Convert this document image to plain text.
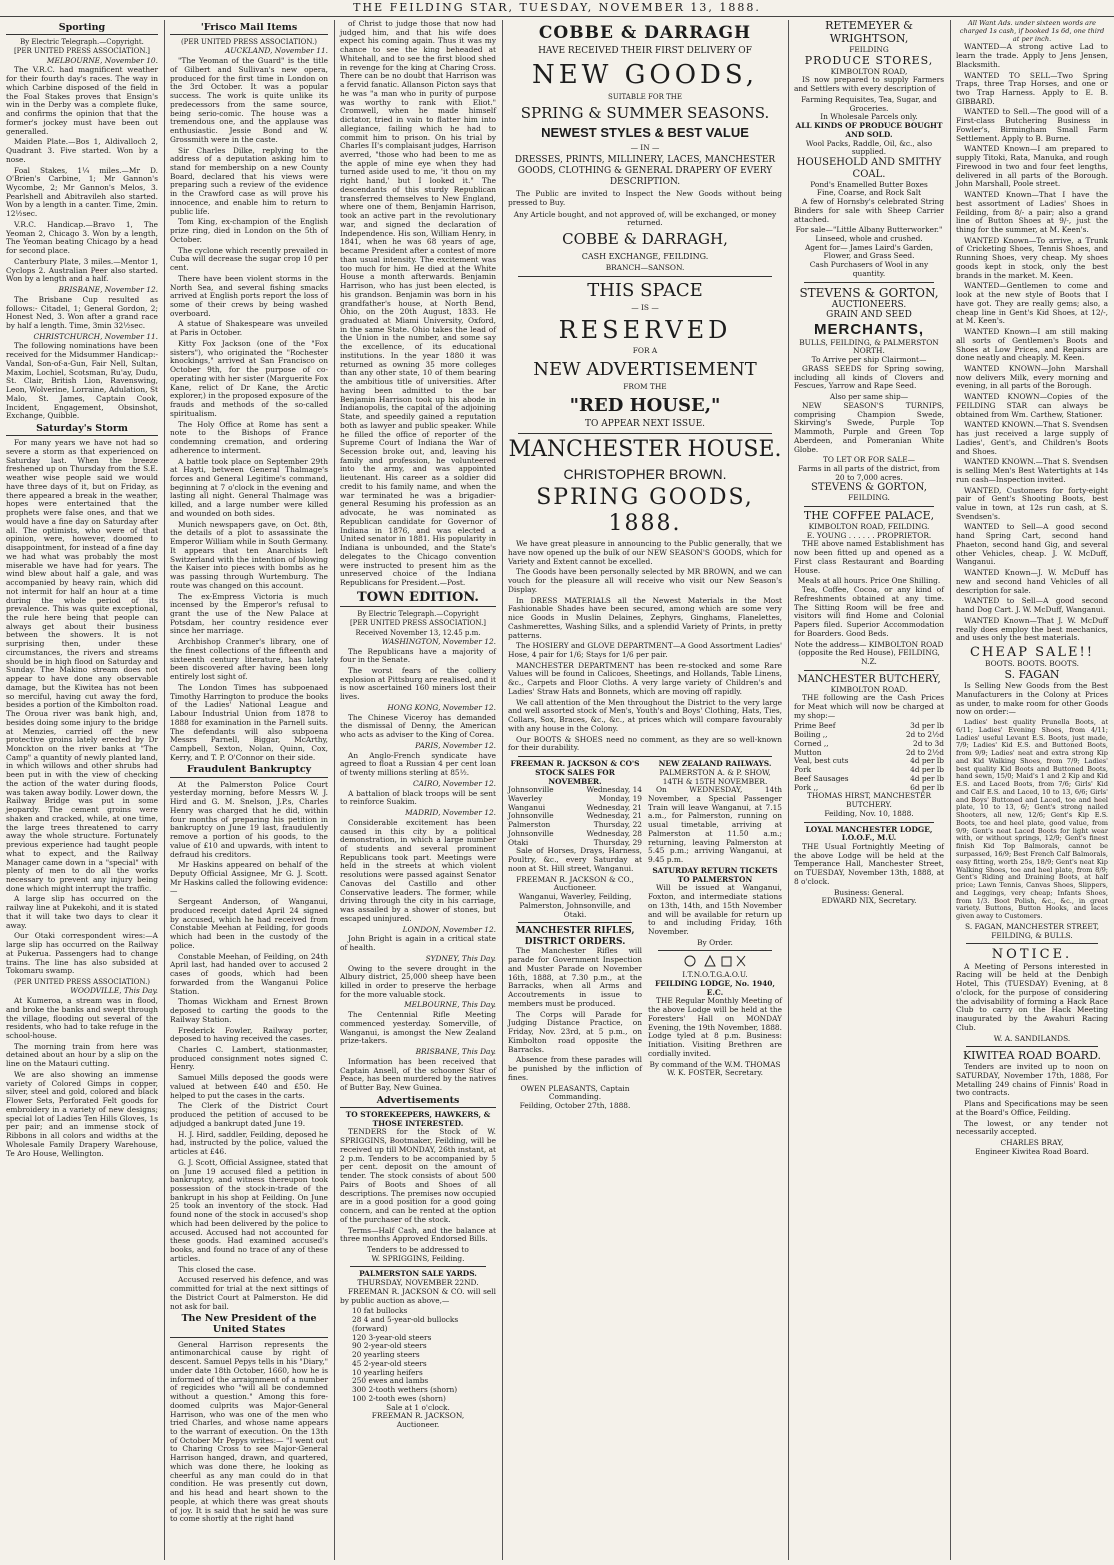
THE FEILDING STAR, TUESDAY, NOVEMBER 13, 1888.
Sporting
By Electric Telegraph.—Copyright.
[PER UNITED PRESS ASSOCIATION.]
MELBOURNE, November 10.

The V.R.C. had magnificent weather for their fourth day's races. The way in which Carbine disposed of the field in the Foal Stakes proves that Ensign's win in the Derby was a complete fluke, and confirms the opinion that that the former's jockey must have been out generalled.

Maiden Plate.—Bos 1, Aldivalloch 2, Quadrant 3. Five started. Won by a nose.

Foal Stakes, 1¼ miles.—Mr D. O'Brien's Carbine, 1; Mr Gannon's Wycombe, 2; Mr Gannon's Melos, 3. Pearlshell and Abitravileh also started. Won by a length in a canter. Time, 2min. 12½sec.

V.R.C. Handicap.—Bravo 1, The Yeoman 2, Chicago 3. Won by a length, The Yeoman beating Chicago by a head for second place.

Canterbury Plate, 3 miles.—Mentor 1, Cyclops 2. Australian Peer also started. Won by a length and a half.

BRISBANE, November 12.

The Brisbane Cup resulted as follows:- Citadel, 1; General Gordon, 2; Honest Ned, 3. Won after a grand race by half a length. Time, 3min 32½sec.

CHRISTCHURCH, November 11.

The following nominations have been received for the Midsummer Handicap:-Vandal, Son-of-a-Gun, Fair Nell, Sultan, Maxim, Lochiel, Scotsman, Ru'ay, Dudu, St. Clair, British Lion, Ravenswing, Leon, Wolverine, Lorraine, Adulation, St Malo, St. James, Captain Cook, Incident, Engagement, Obsinshot, Exchange, Quibble.

Saturday's Storm

For many years we have not had so severe a storm as that experienced on Saturday last. When the breeze freshened up on Thursday from the S.E. weather wise people said we would have three days of it, but on Friday, as there appeared a break in the weather, hopes were entertained that the prophets were false ones, and that we would have a fine day on Saturday after all. The optimists, who were of that opinion, were, however, doomed to disappointment, for instead of a fine day we had what was probably the most miserable we have had for years. The wind blew about half a gale, and was accompanied by heavy rain, which did not intermit for half an hour at a time during the whole period of its prevalence. This was quite exceptional, the rule here being that people can always get about their business between the showers. It is not surprising then, under these circumstances, the rivers and streams should be in high flood on Saturday and Sunday. The Makino stream does not appear to have done any observable damage, but the Kiwitea has not been so merciful, having cut away the ford, besides a portion of the Kimbolton road. The Oroua river was bank high, and, besides doing some injury to the bridge at Menzies, carried off the new protective groins lately erected by Dr Monckton on the river banks at "The Camp" a quantity of newly planted land, in which willows and other shrubs had been put in with the view of checking the action of the water during floods, was taken away bodily. Lower down, the Railway Bridge was put in some jeopardy. The cement groins were shaken and cracked, while, at one time, the large trees threatened to carry away the whole structure. Fortunately previous experience had taught people what to expect, and the Railway Manager came down in a "special" with plenty of men to do all the works necessary to prevent any injury being done which might interrupt the traffic.

A large slip has occurred on the railway line at Pukekohi, and it is stated that it will take two days to clear it away.

Our Otaki correspondent wires:—A large slip has occurred on the Railway at Pukerua. Passengers had to change trains. The line has also subsided at Tokomaru swamp.

(PER UNITED PRESS ASSOCIATION.)
WOODVILLE, This Day.

At Kumeroa, a stream was in flood, and broke the banks and swept through the village, flooding out several of the residents, who had to take refuge in the school-house.

The morning train from here was detained about an hour by a slip on the line on the Matauri cutting.

We are also showing an immense variety of Colored Gimps in copper, silver, steel and gold, colored and black Flower Sets, Perforated Felt goods for embroidery in a variety of new designs; special lot of Ladies Ten Hills Gloves, 1s per pair; and an immense stock of Ribbons in all colors and widths at the Wholesale Family Drapery Warehouse, Te Aro House, Wellington.

'Frisco Mail Items
(PER UNITED PRESS ASSOCIATION.)
AUCKLAND, November 11.

"The Yeoman of the Guard" is the title of Gilbert and Sullivan's new opera, produced for the first time in London on the 3rd October. It was a popular success. The work is quite unlike its predecessors from the same source, being serio-comic. The house was a tremendous one, and the applause was enthusiastic. Jessie Bond and W. Grossmith were in the caste.

Sir Charles Dilke, replying to the address of a deputation asking him to stand for membership on a new County Board, declared that his views were preparing such a review of the evidence in the Crawford case as will prove his innocence, and enable him to return to public life.

Tom King, ex-champion of the English prize ring, died in London on the 5th of October.

The cyclone which recently prevailed in Cuba will decrease the sugar crop 10 per cent.

There have been violent storms in the North Sea, and several fishing smacks arrived at English ports report the loss of some of their crews by being washed overboard.

A statue of Shakespeare was unveiled at Paris in October.

Kitty Fox Jackson (one of the "Fox sisters"), who originated the "Rochester knockings," arrived at San Francisco on October 9th, for the purpose of co-operating with her sister (Marguerite Fox Kane, relict of Dr Kane, the Arctic explorer,) in the proposed exposure of the frauds and methods of the so-called spiritualism.

The Holy Office at Rome has sent a note to the Bishops of France condemning cremation, and ordering adherence to interment.

A battle took place on September 29th at Hayti, between General Thalmage's forces and General Legitime's command, beginning at 7 o'clock in the evening and lasting all night. General Thalmage was killed, and a large number were killed and wounded on both sides.

Munich newspapers gave, on Oct. 8th, the details of a plot to assassinate the Emperor William while in South Germany. It appears that ten Anarchists left Switzerland with the intention of blowing the Kaiser into pieces with bombs as he was passing through Wurtemburg. The route was changed on this account.

The ex-Empress Victoria is much incensed by the Emperor's refusal to grant the use of the New Palace at Potsdam, her country residence ever since her marriage.

Archbishop Cranmer's library, one of the finest collections of the fifteenth and sixteenth century literature, has lately been discovered after having been long entirely lost sight of.

The London Times has subpoenaed Timothy Harrington to produce the books of the Ladies' National League and Labour Industrial Union from 1878 to 1888 for examination in the Parnell suits. The defendants will also subpoena Messrs Parnell, Biggar, McArthy, Campbell, Sexton, Nolan, Quinn, Cox, Kerry, and T. P. O'Connor on their side.

Fraudulent Bankruptcy

At the Palmerston Police Court yesterday morning, before Messrs W. J. Hird and G. M. Snelson, J.P.s, Charles Henry was charged that he did, within four months of preparing his petition in bankruptcy on June 19 last, fraudulently remove a portion of his goods, to the value of £10 and upwards, with intent to defraud his creditors.

Mr Haskins appeared on behalf of the Deputy Official Assignee, Mr G. J. Scott. Mr Haskins called the following evidence:—

Sergeant Anderson, of Wanganui, produced receipt dated April 24 signed by accused, which he had received from Constable Meehan at Feilding, for goods which had been in the custody of the police.

Constable Meehan, of Feilding, on 24th April last, had handed over to accused 2 cases of goods, which had been forwarded from the Wanganui Police Station.

Thomas Wickham and Ernest Brown deposed to carting the goods to the Railway Station.

Frederick Fowler, Railway porter, deposed to having received the cases.

Charles C. Lambert, stationmaster, produced consignment notes signed C. Henry.

Samuel Mills deposed the goods were valued at between £40 and £50. He helped to put the cases in the carts.

The Clerk of the District Court produced the petition of accused to be adjudged a bankrupt dated June 19.

H. J. Hird, saddler, Feilding, deposed he had, instructed by the police, valued the articles at £46.

G. J. Scott, Official Assignee, stated that on June 19 accused filed a petition in bankruptcy, and witness thereupon took possession of the stock-in-trade of the bankrupt in his shop at Feilding. On June 25 took an inventory of the stock. Had found none of the stock in accused's shop which had been delivered by the police to accused. Accused had not accounted for these goods. Had examined accused's books, and found no trace of any of these articles.

This closed the case.

Accused reserved his defence, and was committed for trial at the next sittings of the District Court at Palmerston. He did not ask for bail.

The New President of the United States

General Harrison represents the antimonarchical cause by right of descent. Samuel Pepys tells in his "Diary," under date 18th October, 1660, how he is informed of the arraignment of a number of regicides who "will all be condemned without a question." Among this fore-doomed culprits was Major-General Harrison, who was one of the men who tried Charles, and whose name appears to the warrant of execution. On the 13th of October Mr Pepys writes:— "I went out to Charing Cross to see Major-General Harrison hanged, drawn, and quartered, which was done there, he looking as cheerful as any man could do in that condition. He was presently cut down, and his head and heart shown to the people, at which there was great shouts of joy. It is said that he said he was sure to come shortly at the right hand

of Christ to judge those that now had judged him, and that his wife does expect his coming again. Thus it was my chance to see the king beheaded at Whitehall, and to see the first blood shed in revenge for the king at Charing Cross. There can be no doubt that Harrison was a fervid fanatic. Allanson Picton says that he was "a man who in purity of purpose was worthy to rank with Eliot." Cromwell, when he made himself dictator, tried in vain to flatter him into allegiance, failing which he had to commit him to prison. On his trial by Charles II's complaisant judges, Harrison averred, "those who had been to me as the apple of mine eye when they had turned aside used to me, 'it thou on my right hand,' but I looked it." The descendants of this sturdy Republican transferred themselves to New England, where one of them, Benjamin Harrison, took an active part in the revolutionary war, and signed the declaration of Independence. His son, William Henry, in 1841, when he was 68 years of age, became President after a contest of more than usual intensity. The excitement was too much for him. He died at the White House a month afterwards. Benjamin Harrison, who has just been elected, is his grandson. Benjamin was born in his grandfather's house, at North Bend, Ohio, on the 20th August, 1833. He graduated at Miami University, Oxford, in the same State. Ohio takes the lead of the Union in the number, and some say the excellence, of its educational institutions. In the year 1880 it was returned as owning 35 more colleges than any other state, 10 of them bearing the ambitious title of universities. After having been admitted to the bar Benjamin Harrison took up his abode in Indianopolis, the capital of the adjoining State, and speedily gained a reputation both as lawyer and public speaker. While he filled the office of reporter of the Supreme Court of Indiana the War of Secession broke out, and, leaving his family and profession, he volunteered into the army, and was appointed lieutenant. His career as a soldier did credit to his family name, and when the war terminated he was a brigadier-general Resuming his profession as an advocate, he was nominated as Republican candidate for Governor of Indiana in 1876, and was elected a United senator in 1881. His popularity in Indiana is unbounded, and the State's delegates to the Chicago convention were instructed to present him as the unreserved choice of the Indiana Republicans for President.—Post.

TOWN EDITION.
By Electric Telegraph.—Copyright
[PER UNITED PRESS ASSOCIATION.]
Received November 13, 12.45 p.m.
WASHINGTON, November 12.

The Republicans have a majority of four in the Senate.

The worst fears of the colliery explosion at Pittsburg are realised, and it is now ascertained 160 miners lost their lives.

HONG KONG, November 12.

The Chinese Viceroy has demanded the dismissal of Denny, the American who acts as adviser to the King of Corea.

PARIS, November 12.

An Anglo-French syndicate have agreed to float a Russian 4 per cent loan of twenty millions sterling at 85½.

CAIRO, November 12.

A battalion of black troops will be sent to reinforce Suakim.

MADRID, November 12.

Considerable excitement has been caused in this city by a political demonstration, in which a large number of students and several prominent Republicans took part. Meetings were held in the streets at which violent resolutions were passed against Senator Canovas del Castillo and other Conservative leaders. The former, while driving through the city in his carriage, was assailed by a shower of stones, but escaped uninjured.

LONDON, November 12.

John Bright is again in a critical state of health.

SYDNEY, This Day.

Owing to the severe drought in the Albury district, 25,000 sheep have been killed in order to preserve the herbage for the more valuable stock.

MELBOURNE, This Day.

The Centennial Rifle Meeting commenced yesterday. Somerville, of Wanganui, is amongst the New Zealand prize-takers.

BRISBANE, This Day.

Information has been received that Captain Ansell, of the schooner Star of Peace, has been murdered by the natives of Butter Bay, New Guinea.

Advertisements
TO STOREKEEPERS, HAWKERS, & THOSE INTERESTED.

TENDERS for the Stock of W. SPRIGGINS, Bootmaker, Feilding, will be received up till MONDAY, 26th instant, at 2 p.m. Tenders to be accompanied by 5 per cent. deposit on the amount of tender. The stock consists of about 500 Pairs of Boots and Shoes of all descriptions. The premises now occupied are in a good position for a good going concern, and can be rented at the option of the purchaser of the stock.

Terms—Half Cash, and the balance at three months Approved Endorsed Bills.

Tenders to be addressed to
W. SPRIGGINS, Feilding.
PALMERSTON SALE YARDS.
THURSDAY, NOVEMBER 22ND.

FREEMAN R. JACKSON & CO. will sell by public auction as above,—

10 fat bullocks
28 4 and 5-year-old bullocks (forward)
120 3-year-old steers
90 2-year-old steers
20 yearling steers
45 2-year-old steers
10 yearling heifers
250 ewes and lambs
300 2-tooth wethers (shorn)
100 2-tooth ewes (shorn)
Sale at 1 o'clock.
FREEMAN R. JACKSON,
Auctioneer.
COBBE & DARRAGH
HAVE RECEIVED THEIR FIRST DELIVERY OF
NEW GOODS,
SUITABLE FOR THE
SPRING & SUMMER SEASONS.
NEWEST STYLES & BEST VALUE
— IN —
DRESSES, PRINTS, MILLINERY, LACES, MANCHESTER GOODS, CLOTHING & GENERAL DRAPERY OF EVERY DESCRIPTION.

The Public are invited to Inspect the New Goods without being pressed to Buy.

Any Article bought, and not approved of, will be exchanged, or money returned.
COBBE & DARRAGH,
CASH EXCHANGE, FEILDING.
BRANCH—SANSON.
THIS SPACE
— IS —
RESERVED
FOR A
NEW ADVERTISEMENT
FROM THE
"RED HOUSE,"
TO APPEAR NEXT ISSUE.
MANCHESTER HOUSE.
CHRISTOPHER BROWN.
SPRING GOODS, 1888.

We have great pleasure in announcing to the Public generally, that we have now opened up the bulk of our NEW SEASON'S GOODS, which for Variety and Extent cannot be excelled.

The Goods have been personally selected by MR BROWN, and we can vouch for the pleasure all will receive who visit our New Season's Display.

In DRESS MATERIALS all the Newest Materials in the Most Fashionable Shades have been secured, among which are some very nice Goods in Muslin Delaines, Zephyrs, Ginghams, Flanelettes, Cashmerettes, Washing Silks, and a splendid Variety of Prints, in pretty patterns.

The HOSIERY and GLOVE DEPARTMENT—A Good Assortment Ladies' Hose, 4 pair for 1/6; Stays for 1/6 per pair.

MANCHESTER DEPARTMENT has been re-stocked and some Rare Values will be found in Calicoes, Sheetings, and Hollands, Table Linens, &c., Carpets and Floor Cloths. A very large variety of Children's and Ladies' Straw Hats and Bonnets, which are moving off rapidly.

We call attention of the Men throughout the District to the very large and well assorted stock of Men's, Youth's and Boys' Clothing, Hats, Ties, Collars, Sox, Braces, &c., &c., at prices which will compare favourably with any house in the Colony.

Our BOOTS & SHOES need no comment, as they are so well-known for their durability.

FREEMAN R. JACKSON & CO'S STOCK SALES FOR NOVEMBER.
Johnsonville	Wednesday, 14
Waverley	Monday, 19
Wanganui	Wednesday, 21
Johnsonville	Wednesday, 21
Palmerston	Thursday, 22
Johnsonville	Wednesday, 28
Otaki	Thursday, 29

Sale of Horses, Drays, Harness, Poultry, &c., every Saturday at noon at St. Hill street, Wanganui.

FREEMAN R. JACKSON & CO., Auctioneer.
Wanganui, Waverley, Feilding, Palmerston, Johnsonville, and Otaki.
MANCHESTER RIFLES, DISTRICT ORDERS.

The Manchester Rifles will parade for Government Inspection and Muster Parade on November 16th, 1888, at 7.30 p.m., at the Barracks, when all Arms and Accoutrements in issue to members must be produced.

The Corps will Parade for Judging Distance Practice, on Friday, Nov. 23rd, at 5 p.m., on Kimbolton road opposite the Barracks.

Absence from these parades will be punished by the infliction of fines.

OWEN PLEASANTS, Captain Commanding.
Feilding, October 27th, 1888.
NEW ZEALAND RAILWAYS.
PALMERSTON A. & P. SHOW, 14TH & 15TH NOVEMBER.

On WEDNESDAY, 14th November, a Special Passenger Train will leave Wanganui, at 7.15 a.m., for Palmerston, running on usual timetable, arriving at Palmerston at 11.50 a.m.; returning, leaving Palmerston at 5.45 p.m.; arriving Wanganui, at 9.45 p.m.

SATURDAY RETURN TICKETS TO PALMERSTON

Will be issued at Wanganui, Foxton, and intermediate stations on 13th, 14th, and 15th November and will be available for return up to and including Friday, 16th November.

By Order.
I.T.N.O.T.G.A.O.U.
FEILDING LODGE, No. 1940, E.C.

THE Regular Monthly Meeting of the above Lodge will be held at the Foresters' Hall on MONDAY Evening, the 19th November, 1888. Lodge tyled at 8 p.m. Business: Initiation. Visiting Brethren are cordially invited.

By command of the W.M. THOMAS W. K. FOSTER, Secretary.
RETEMEYER & WRIGHTSON,
FEILDING
PRODUCE STORES,
KIMBOLTON ROAD,

IS now prepared to supply Farmers and Settlers with every description of

Farming Requisites, Tea, Sugar, and Groceries.
In Wholesale Parcels only.
ALL KINDS OF PRODUCE BOUGHT AND SOLD.
Wool Packs, Raddle, Oil, &c., also supplied.
HOUSEHOLD AND SMITHY COAL.
Pond's Enamelled Butter Boxes
Fine, Coarse, and Rock Salt

A few of Hornsby's celebrated String Binders for sale with Sheep Carrier attached.

For sale—"Little Albany Butterworker."
Linseed, whole and crushed.
Agent for— James Laird's Garden, Flower, and Grass Seed.
Cash Purchasers of Wool in any quantity.
STEVENS & GORTON,
AUCTIONEERS.
GRAIN AND SEED
MERCHANTS,
BULLS, FEILDING, & PALMERSTON NORTH.
To Arrive per ship Clairmont—

GRASS SEEDS for Spring sowing, including all kinds of Clovers and Fescues, Yarrow and Rape Seed.

Also per same ship—

NEW SEASON'S TURNIPS, comprising Champion Swede, Skirving's Swede, Purple Top Mammoth, Purple and Green Top Aberdeen, and Pomeranian White Globe.

TO LET OR FOR SALE—
Farms in all parts of the district, from 20 to 7,000 acres.
STEVENS & GORTON,
FEILDING.
THE COFFEE PALACE,
KIMBOLTON ROAD, FEILDING.
E. YOUNG . . . . . . PROPRIETOR.

THE above named Establishment has now been fitted up and opened as a First class Restaurant and Boarding House.

Meals at all hours. Price One Shilling.

Tea, Coffee, Cocoa, or any kind of Refreshments obtained at any time. The Sitting Room will be free and visitors will find Home and Colonial Papers filed. Superior Accommodation for Boarders. Good Beds.

Note the address— KIMBOLTON ROAD (opposite the Red House), FEILDING, N.Z.
MANCHESTER BUTCHERY,
KIMBOLTON ROAD.

THE following are the Cash Prices for Meat which will now be charged at my shop:—

Prime Beef	3d per lb
Boiling ,,	2d to 2½d
Corned ,,	2d to 3d
Mutton	2d to 2½d
Veal, best cuts	4d per lb
Pork	4d per lb
Beef Sausages	4d per lb
Pork ,,	6d per lb
THOMAS HIRST, MANCHESTER BUTCHERY.
Feilding, Nov. 10, 1888.
LOYAL MANCHESTER LODGE, I.O.O.F., M.U.

THE Usual Fortnightly Meeting of the above Lodge will be held at the Temperance Hall, Manchester Street, on TUESDAY, November 13th, 1888, at 8 o'clock.

Business: General.
EDWARD NIX, Secretary.
All Want Ads. under sixteen words are charged 1s cash, if booked 1s 6d, one third at per inch.

WANTED—A strong active Lad to learn the trade. Apply to Jens Jensen, Blacksmith.

WANTED TO SELL—Two Spring Traps, three Trap Horses, and one or two Trap Harness. Apply to E. B. GIBBARD.

WANTED to Sell.—The good will of a First-class Butchering Business in Fowler's, Birmingham Small Farm Settlement. Apply to B. Burne.

WANTED Known—I am prepared to supply Titoki, Rata, Manuka, and rough Firewood in two and four feet lengths, delivered in all parts of the Borough. John Marshall, Poole street.

WANTED Known—That I have the best assortment of Ladies' Shoes in Feilding, from 8/- a pair; also a grand line of Button Shoes at 9/-, just the thing for the summer, at M. Keen's.

WANTED Known—To arrive, a Trunk of Cricketing Shoes, Tennis Shoes, and Running Shoes, very cheap. My shoes goods kept in stock, only the best brands in the market. M. Keen.

WANTED—Gentlemen to come and look at the new style of Boots that I have got. They are really gems; also, a cheap line in Gent's Kid Shoes, at 12/-, at M. Keen's.

WANTED Known—I am still making all sorts of Gentlemen's Boots and Shoes at Low Prices, and Repairs are done neatly and cheaply. M. Keen.

WANTED KNOWN—John Marshall now delivers Milk, every morning and evening, in all parts of the Borough.

WANTED KNOWN—Copies of the FEILDING STAR can always be obtained from Wm. Carthew, Stationer.

WANTED KNOWN.—That S. Svendsen has just received a large supply of Ladies', Gent's, and Children's Boots and Shoes.

WANTED KNOWN.—That S. Svendsen is selling Men's Best Watertights at 14s run cash—Inspection invited.

WANTED, Customers for forty-eight pair of Gent's Shooting Boots, best value in town, at 12s run cash, at S. Svendsen's.

WANTED to Sell—A good second hand Spring Cart, second hand Phaeton, second hand Gig, and several other Vehicles, cheap. J. W. McDuff, Wanganui.

WANTED Known—J. W. McDuff has new and second hand Vehicles of all description for sale.

WANTED to Sell—A good second hand Dog Cart. J. W. McDuff, Wanganui.

WANTED Known—That J. W. McDuff really does employ the best mechanics, and uses only the best materials.

CHEAP SALE!!
BOOTS. BOOTS. BOOTS.
S. FAGAN

Is Selling New Goods from the Best Manufacturers in the Colony at Prices as under, to make room for other Goods now on order:—

Ladies' best quality Prunella Boots, at 6/11; Ladies' Evening Shoes, from 4/11; Ladies' useful Levant E.S. Boots, just made, 7/9; Ladies' Kid E.S. and Buttoned Boots, from 9/9; Ladies' neat and extra strong Kip and Kid Walking Shoes, from 7/9; Ladies' best quality Kid Boots and Buttoned Boots, hand sewn, 15/0; Maid's 1 and 2 Kip and Kid E.S. and Laced Boots, from 7/6; Girls' Kid and Calf E.S. and Laced, 10 to 13, 6/6; Girls' and Boys' Buttoned and Laced, toe and heel plate, 10 to 13, 6/; Gent's strong nailed Shooters, all new, 12/6; Gent's Kip E.S. Boots, toe and heel plate, good value, from 9/9; Gent's neat Laced Boots for light wear with, or without springs, 12/9; Gent's finest finish Kid Top Balmorals, cannot be surpassed, 16/9; Best French Calf Balmorals, easy fitting, worth 25s, 18/9; Gent's neat Kip Walking Shoes, toe and heel plate, from 8/9; Gent's Riding and Draining Boots, at half price; Lawn Tennis, Canvas Shoes, Slippers, and Leggings, very cheap; Infants Shoes, from 1/3. Boot Polish, &c., &c., in great variety. Buttons, Button Hooks, and laces given away to Customers.

S. FAGAN, MANCHESTER STREET, FEILDING, & BULLS.
NOTICE.

A Meeting of Persons interested in Racing will be held at the Denbigh Hotel, This (TUESDAY) Evening, at 8 o'clock, for the purpose of considering the advisability of forming a Hack Race Club to carry on the Hack Meeting inaugurated by the Awahuri Racing Club.

W. A. SANDILANDS.
KIWITEA ROAD BOARD.

Tenders are invited up to noon on SATURDAY, November 17th, 1888, For Metalling 249 chains of Finnis' Road in two contracts.

Plans and Specifications may be seen at the Board's Office, Feilding.

The lowest, or any tender not necessarily accepted.

CHARLES BRAY,
Engineer Kiwitea Road Board.
